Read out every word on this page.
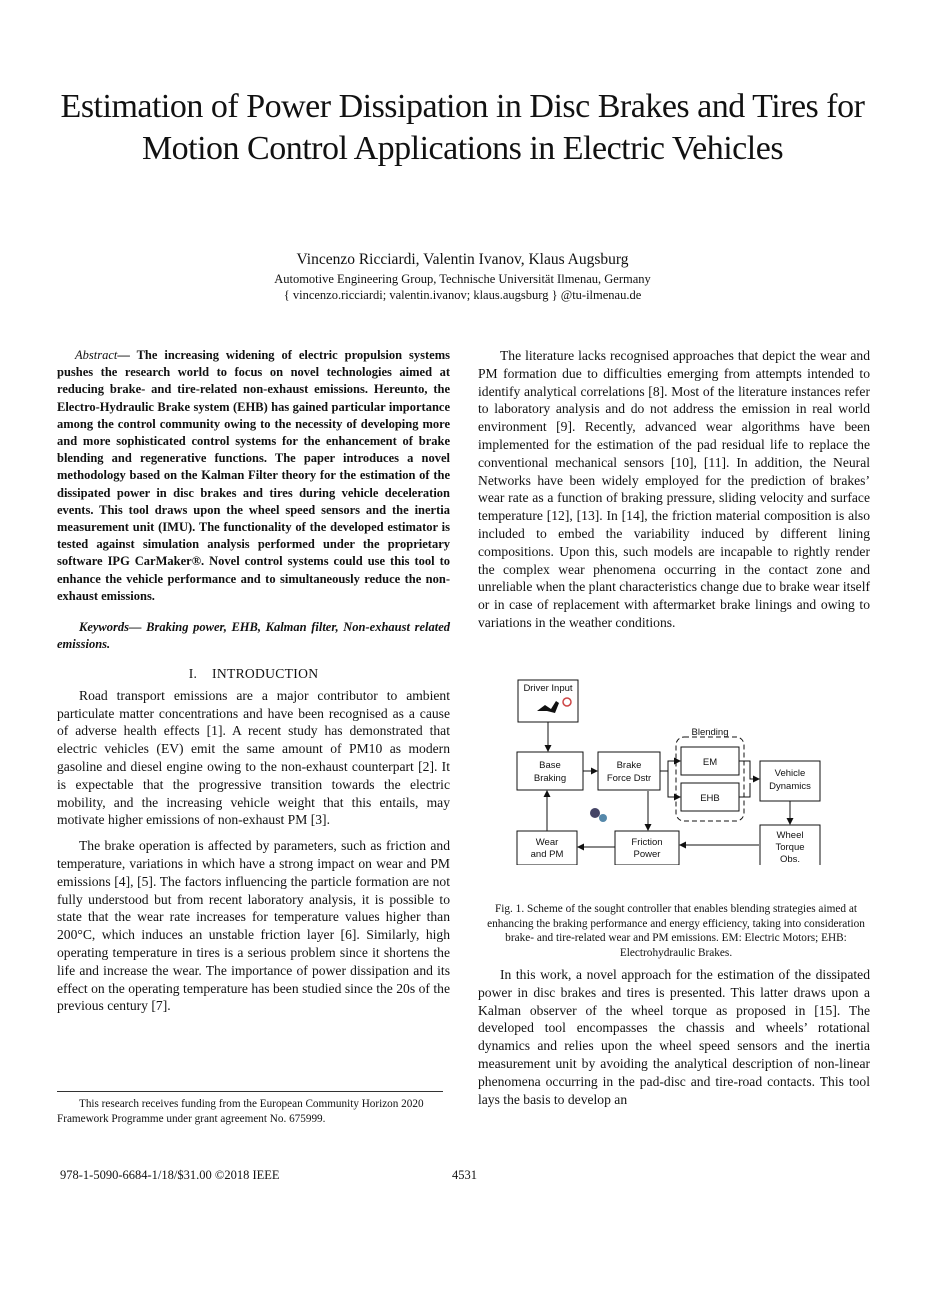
Estimation of Power Dissipation in Disc Brakes and Tires for Motion Control Applications in Electric Vehicles
Vincenzo Ricciardi, Valentin Ivanov, Klaus Augsburg
Automotive Engineering Group, Technische Universität Ilmenau, Germany
{ vincenzo.ricciardi; valentin.ivanov; klaus.augsburg } @tu-ilmenau.de

Abstract— The increasing widening of electric propulsion systems pushes the research world to focus on novel technologies aimed at reducing brake- and tire-related non-exhaust emissions. Hereunto, the Electro-Hydraulic Brake system (EHB) has gained particular importance among the control community owing to the necessity of developing more and more sophisticated control systems for the enhancement of brake blending and regenerative functions. The paper introduces a novel methodology based on the Kalman Filter theory for the estimation of the dissipated power in disc brakes and tires during vehicle deceleration events. This tool draws upon the wheel speed sensors and the inertia measurement unit (IMU). The functionality of the developed estimator is tested against simulation analysis performed under the proprietary software IPG CarMaker®. Novel control systems could use this tool to enhance the vehicle performance and to simultaneously reduce the non-exhaust emissions.

Keywords— Braking power, EHB, Kalman filter, Non-exhaust related emissions.

I. INTRODUCTION

Road transport emissions are a major contributor to ambient particulate matter concentrations and have been recognised as a cause of adverse health effects [1]. A recent study has demonstrated that electric vehicles (EV) emit the same amount of PM10 as modern gasoline and diesel engine owing to the non-exhaust counterpart [2]. It is expectable that the progressive transition towards the electric mobility, and the increasing vehicle weight that this entails, may motivate higher emissions of non-exhaust PM [3].

The brake operation is affected by parameters, such as friction and temperature, variations in which have a strong impact on wear and PM emissions [4], [5]. The factors influencing the particle formation are not fully understood but from recent laboratory analysis, it is possible to state that the wear rate increases for temperature values higher than 200°C, which induces an unstable friction layer [6]. Similarly, high operating temperature in tires is a serious problem since it shortens the life and increase the wear. The importance of power dissipation and its effect on the operating temperature has been studied since the 20s of the previous century [7].

The literature lacks recognised approaches that depict the wear and PM formation due to difficulties emerging from attempts intended to identify analytical correlations [8]. Most of the literature instances refer to laboratory analysis and do not address the emission in real world environment [9]. Recently, advanced wear algorithms have been implemented for the estimation of the pad residual life to replace the conventional mechanical sensors [10], [11]. In addition, the Neural Networks have been widely employed for the prediction of brakes’ wear rate as a function of braking pressure, sliding velocity and surface temperature [12], [13]. In [14], the friction material composition is also included to embed the variability induced by different lining compositions. Upon this, such models are incapable to rightly render the complex wear phenomena occurring in the contact zone and unreliable when the plant characteristics change due to brake wear itself or in case of replacement with aftermarket brake linings and owing to variations in the weather conditions.

Driver Input
Blending
Base
Braking
Brake
Force Dstr
EM
EHB
Vehicle
Dynamics
Wear
and PM
Friction
Power
Wheel
Torque
Obs.
Fig. 1. Scheme of the sought controller that enables blending strategies aimed at enhancing the braking performance and energy efficiency, taking into consideration brake- and tire-related wear and PM emissions. EM: Electric Motors; EHB: Electrohydraulic Brakes.

In this work, a novel approach for the estimation of the dissipated power in disc brakes and tires is presented. This latter draws upon a Kalman observer of the wheel torque as proposed in [15]. The developed tool encompasses the chassis and wheels’ rotational dynamics and relies upon the wheel speed sensors and the inertia measurement unit by avoiding the analytical description of non-linear phenomena occurring in the pad-disc and tire-road contacts. This tool lays the basis to develop an

This research receives funding from the European Community Horizon 2020 Framework Programme under grant agreement No. 675999.
978-1-5090-6684-1/18/$31.00 ©2018 IEEE	4531
